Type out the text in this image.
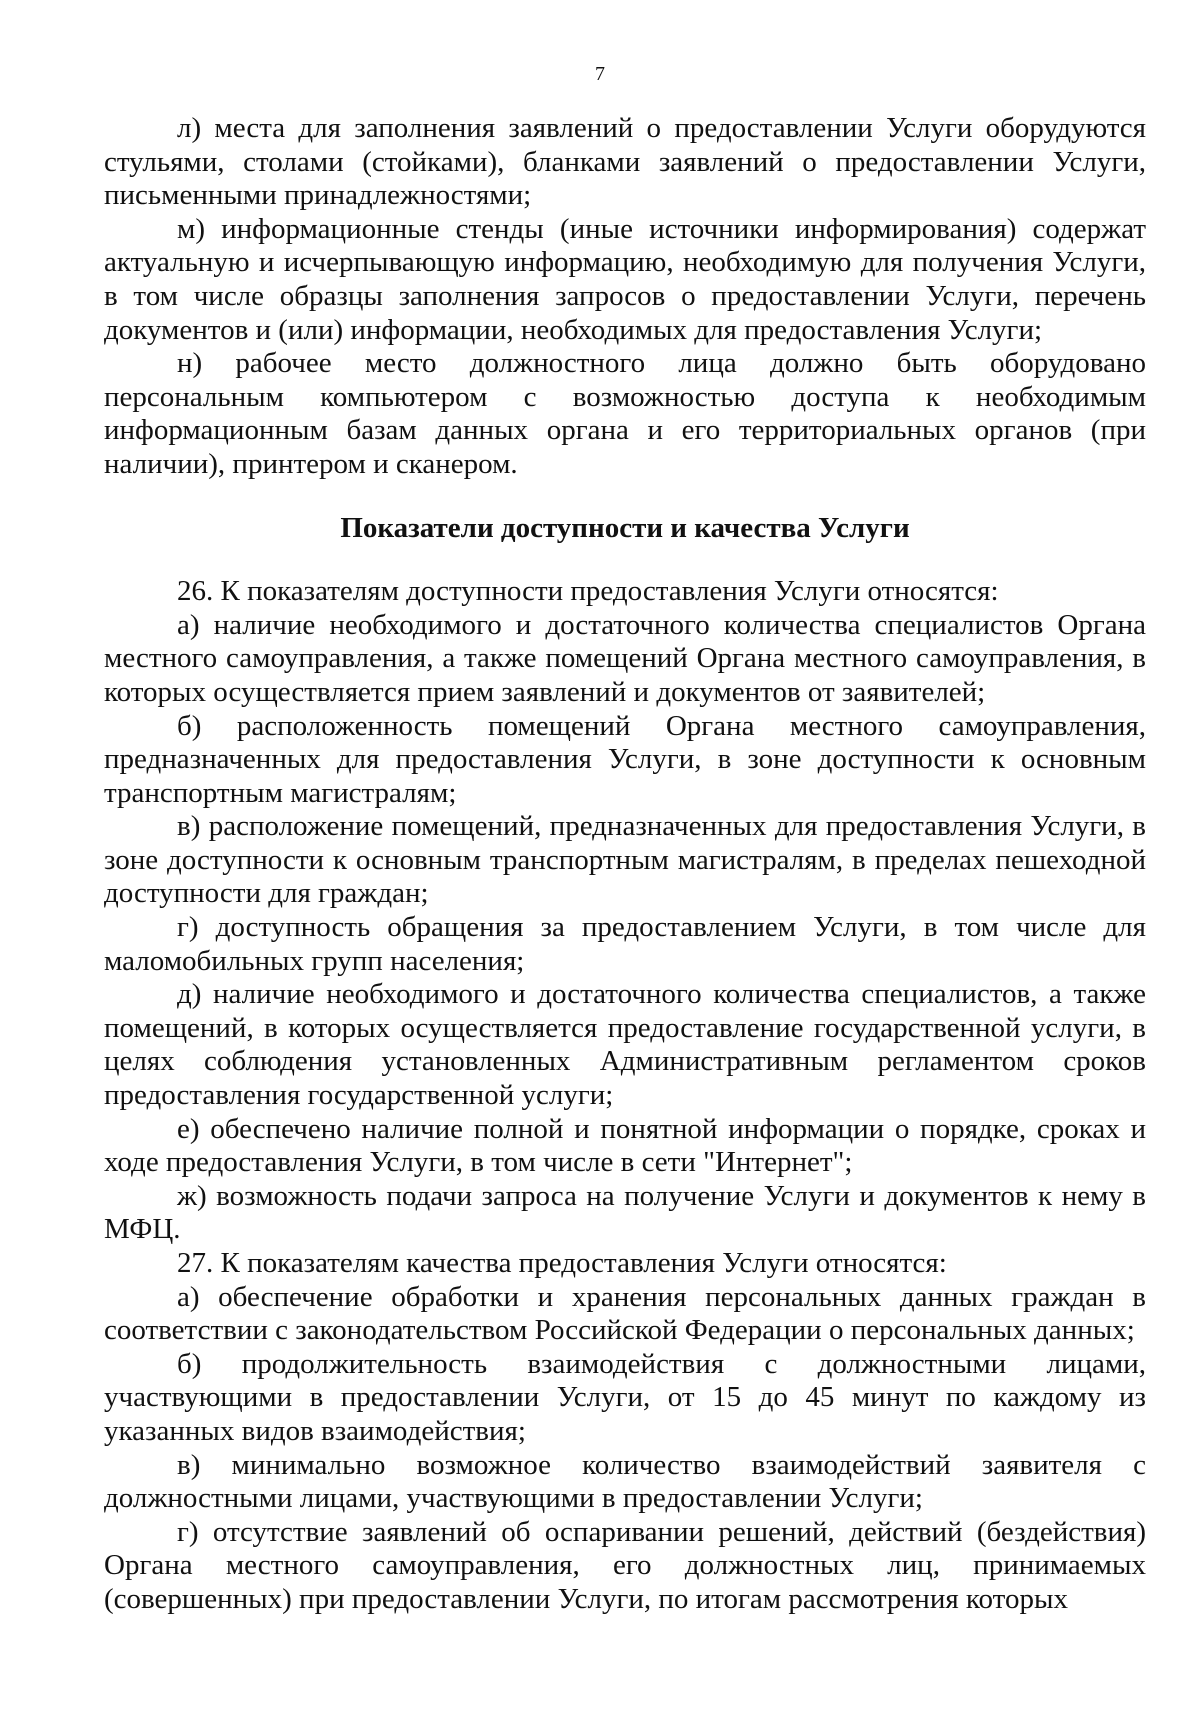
7

л) места для заполнения заявлений о предоставлении Услуги оборудуются стульями, столами (стойками), бланками заявлений о предоставлении Услуги, письменными принадлежностями;

м) информационные стенды (иные источники информирования) содержат актуальную и исчерпывающую информацию, необходимую для получения Услуги, в том числе образцы заполнения запросов о предоставлении Услуги, перечень документов и (или) информации, необходимых для предоставления Услуги;

н) рабочее место должностного лица должно быть оборудовано персональным компьютером с возможностью доступа к необходимым информационным базам данных органа и его территориальных органов (при наличии), принтером и сканером.

Показатели доступности и качества Услуги

26. К показателям доступности предоставления Услуги относятся:

а) наличие необходимого и достаточного количества специалистов Органа местного самоуправления, а также помещений Органа местного самоуправления, в которых осуществляется прием заявлений и документов от заявителей;

б) расположенность помещений Органа местного самоуправления, предназначенных для предоставления Услуги, в зоне доступности к основным транспортным магистралям;

в) расположение помещений, предназначенных для предоставления Услуги, в зоне доступности к основным транспортным магистралям, в пределах пешеходной доступности для граждан;

г) доступность обращения за предоставлением Услуги, в том числе для маломобильных групп населения;

д) наличие необходимого и достаточного количества специалистов, а также помещений, в которых осуществляется предоставление государственной услуги, в целях соблюдения установленных Административным регламентом сроков предоставления государственной услуги;

е) обеспечено наличие полной и понятной информации о порядке, сроках и ходе предоставления Услуги, в том числе в сети "Интернет";

ж) возможность подачи запроса на получение Услуги и документов к нему в МФЦ.

27. К показателям качества предоставления Услуги относятся:

а) обеспечение обработки и хранения персональных данных граждан в соответствии с законодательством Российской Федерации о персональных данных;

б) продолжительность взаимодействия с должностными лицами, участвующими в предоставлении Услуги, от 15 до 45 минут по каждому из указанных видов взаимодействия;

в) минимально возможное количество взаимодействий заявителя с должностными лицами, участвующими в предоставлении Услуги;

г) отсутствие заявлений об оспаривании решений, действий (бездействия) Органа местного самоуправления, его должностных лиц, принимаемых (совершенных) при предоставлении Услуги, по итогам рассмотрения которых
